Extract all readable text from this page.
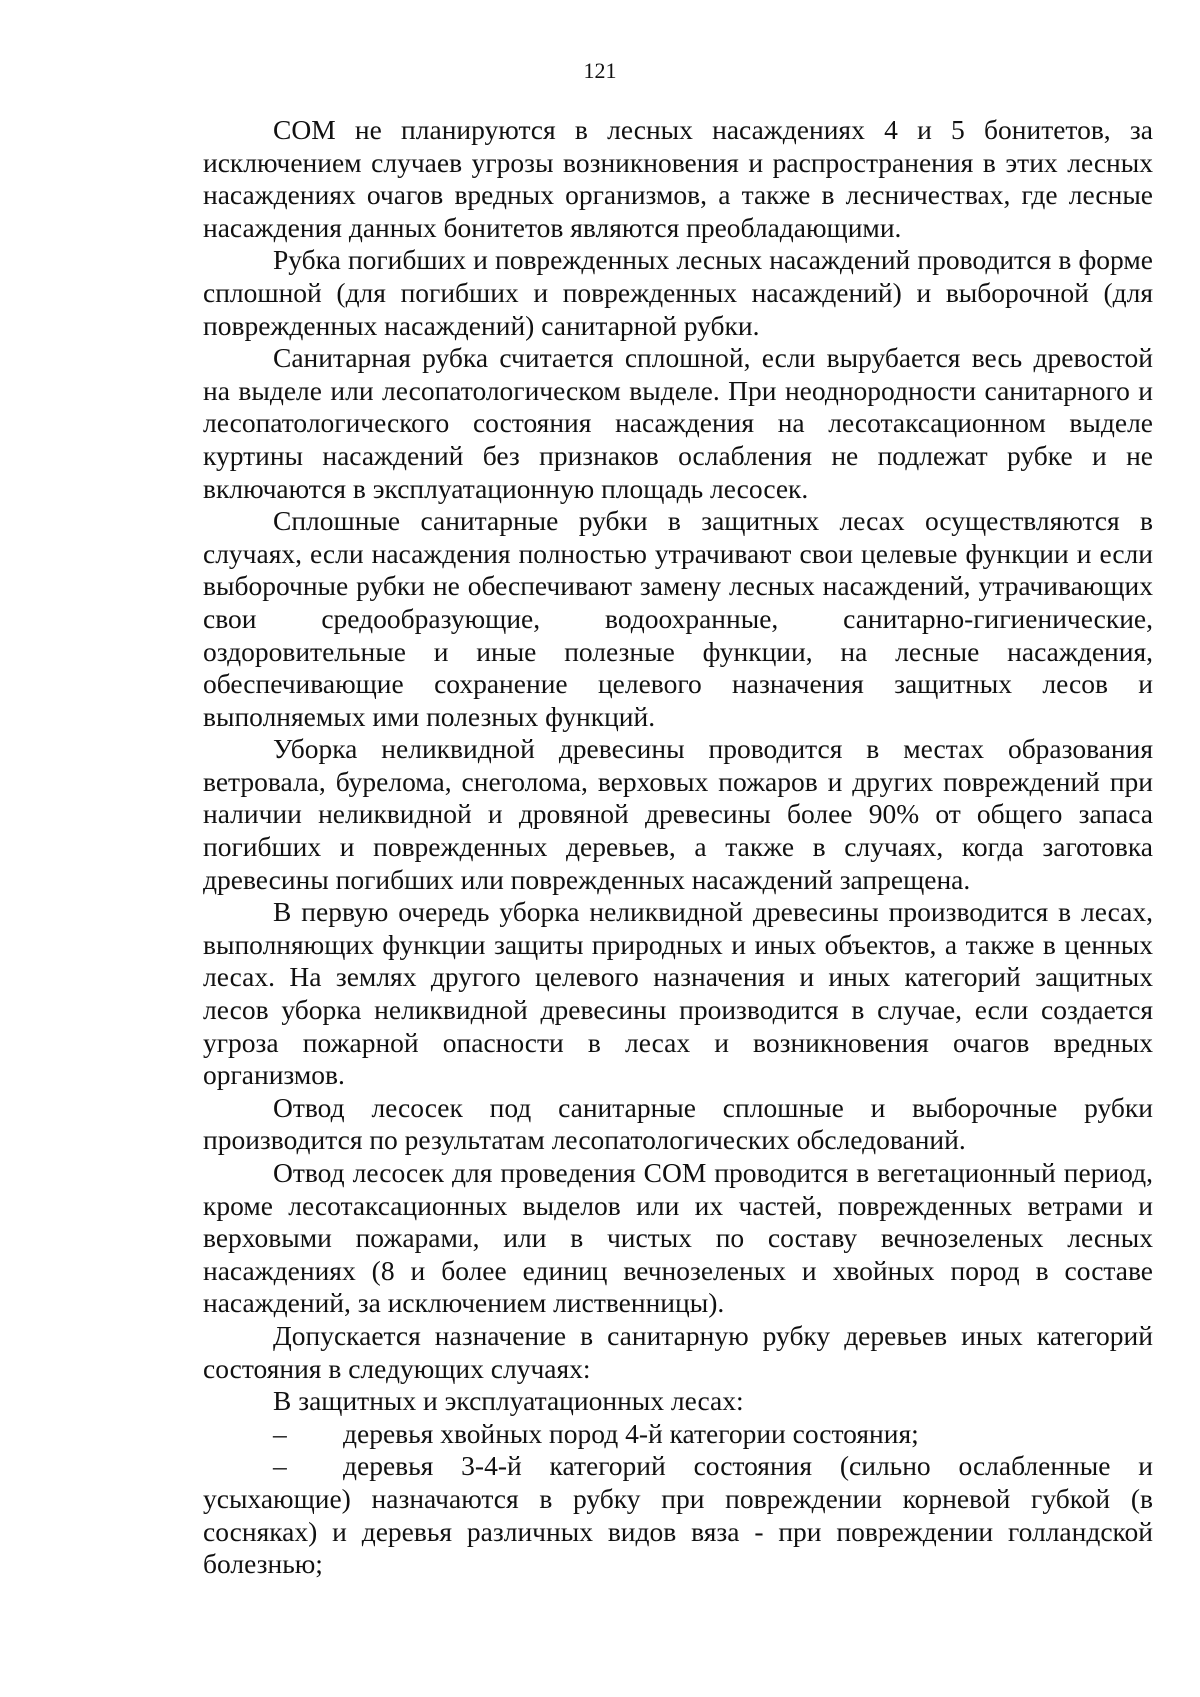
121

СОМ не планируются в лесных насаждениях 4 и 5 бонитетов, за исключением случаев угрозы возникновения и распространения в этих лесных насаждениях очагов вредных организмов, а также в лесничествах, где лесные насаждения данных бонитетов являются преобладающими.

Рубка погибших и поврежденных лесных насаждений проводится в форме сплошной (для погибших и поврежденных насаждений) и выборочной (для поврежденных насаждений) санитарной рубки.

Санитарная рубка считается сплошной, если вырубается весь древостой на выделе или лесопатологическом выделе. При неоднородности санитарного и лесопатологического состояния насаждения на лесотаксационном выделе куртины насаждений без признаков ослабления не подлежат рубке и не включаются в эксплуатационную площадь лесосек.

Сплошные санитарные рубки в защитных лесах осуществляются в случаях, если насаждения полностью утрачивают свои целевые функции и если выборочные рубки не обеспечивают замену лесных насаждений, утрачивающих свои средообразующие, водоохранные, санитарно-гигиенические, оздоровительные и иные полезные функции, на лесные насаждения, обеспечивающие сохранение целевого назначения защитных лесов и выполняемых ими полезных функций.

Уборка неликвидной древесины проводится в местах образования ветровала, бурелома, снеголома, верховых пожаров и других повреждений при наличии неликвидной и дровяной древесины более 90% от общего запаса погибших и поврежденных деревьев, а также в случаях, когда заготовка древесины погибших или поврежденных насаждений запрещена.

В первую очередь уборка неликвидной древесины производится в лесах, выполняющих функции защиты природных и иных объектов, а также в ценных лесах. На землях другого целевого назначения и иных категорий защитных лесов уборка неликвидной древесины производится в случае, если создается угроза пожарной опасности в лесах и возникновения очагов вредных организмов.

Отвод лесосек под санитарные сплошные и выборочные рубки производится по результатам лесопатологических обследований.

Отвод лесосек для проведения СОМ проводится в вегетационный период, кроме лесотаксационных выделов или их частей, поврежденных ветрами и верховыми пожарами, или в чистых по составу вечнозеленых лесных насаждениях (8 и более единиц вечнозеленых и хвойных пород в составе насаждений, за исключением лиственницы).

Допускается назначение в санитарную рубку деревьев иных категорий состояния в следующих случаях:

В защитных и эксплуатационных лесах:

– деревья хвойных пород 4-й категории состояния;

– деревья 3-4-й категорий состояния (сильно ослабленные и усыхающие) назначаются в рубку при повреждении корневой губкой (в сосняках) и деревья различных видов вяза - при повреждении голландской болезнью;
